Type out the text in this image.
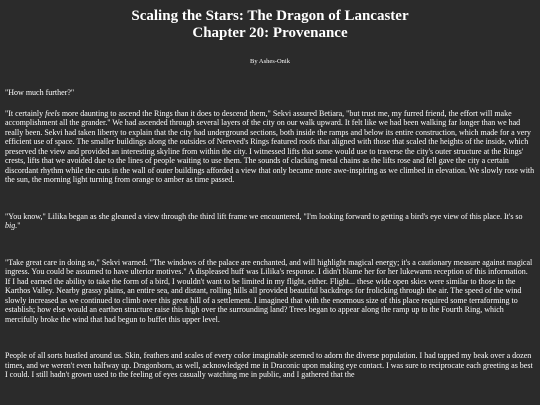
Scaling the Stars: The Dragon of Lancaster
Chapter 20: Provenance
By Ashes-Onik

"How much further?"

"It certainly feels more daunting to ascend the Rings than it does to descend them," Sekvi assured Betiara, "but trust me, my furred friend, the effort will make accomplishment all the grander." We had ascended through several layers of the city on our walk upward. It felt like we had been walking far longer than we had really been. Sekvi had taken liberty to explain that the city had underground sections, both inside the ramps and below its entire construction, which made for a very efficient use of space. The smaller buildings along the outsides of Nereved's Rings featured roofs that aligned with those that scaled the heights of the inside, which preserved the view and provided an interesting skyline from within the city. I witnessed lifts that some would use to traverse the city's outer structure at the Rings' crests, lifts that we avoided due to the lines of people waiting to use them. The sounds of clacking metal chains as the lifts rose and fell gave the city a certain discordant rhythm while the cuts in the wall of outer buildings afforded a view that only became more awe-inspiring as we climbed in elevation. We slowly rose with the sun, the morning light turning from orange to amber as time passed.

"You know," Lilika began as she gleaned a view through the third lift frame we encountered, "I'm looking forward to getting a bird's eye view of this place. It's so big."

"Take great care in doing so," Sekvi warned. "The windows of the palace are enchanted, and will highlight magical energy; it's a cautionary measure against magical ingress. You could be assumed to have ulterior motives." A displeased huff was Lilika's response. I didn't blame her for her lukewarm reception of this information. If I had earned the ability to take the form of a bird, I wouldn't want to be limited in my flight, either. Flight... these wide open skies were similar to those in the Karthos Valley. Nearby grassy plains, an entire sea, and distant, rolling hills all provided beautiful backdrops for frolicking through the air. The speed of the wind slowly increased as we continued to climb over this great hill of a settlement. I imagined that with the enormous size of this place required some terraforming to establish; how else would an earthen structure raise this high over the surrounding land? Trees began to appear along the ramp up to the Fourth Ring, which mercifully broke the wind that had begun to buffet this upper level.

People of all sorts bustled around us. Skin, feathers and scales of every color imaginable seemed to adorn the diverse population. I had tapped my beak over a dozen times, and we weren't even halfway up. Dragonborn, as well, acknowledged me in Draconic upon making eye contact. I was sure to reciprocate each greeting as best I could. I still hadn't grown used to the feeling of eyes casually watching me in public, and I gathered that the
